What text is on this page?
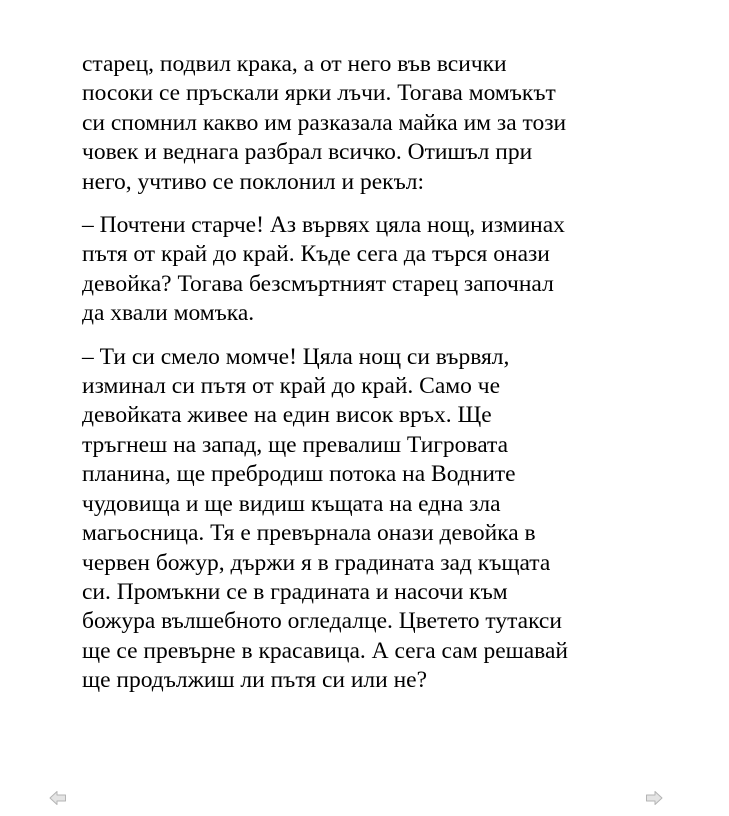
старец, подвил крака, а от него във всички
посоки се пръскали ярки лъчи. Тогава момъкът
си спомнил какво им разказала майка им за този
човек и веднага разбрал всичко. Отишъл при
него, учтиво се поклонил и рекъл:

– Почтени старче! Аз вървях цяла нощ, изминах
пътя от край до край. Къде сега да търся онази
девойка? Тогава безсмъртният старец започнал
да хвали момъка.

– Ти си смело момче! Цяла нощ си вървял,
изминал си пътя от край до край. Само че
девойката живее на един висок връх. Ще
тръгнеш на запад, ще превалиш Тигровата
планина, ще пребродиш потока на Водните
чудовища и ще видиш къщата на една зла
магьосница. Тя е превърнала онази девойка в
червен божур, държи я в градината зад къщата
си. Промъкни се в градината и насочи към
божура вълшебното огледалце. Цветето тутакси
ще се превърне в красавица. А сега сам решавай
ще продължиш ли пътя си или не?
